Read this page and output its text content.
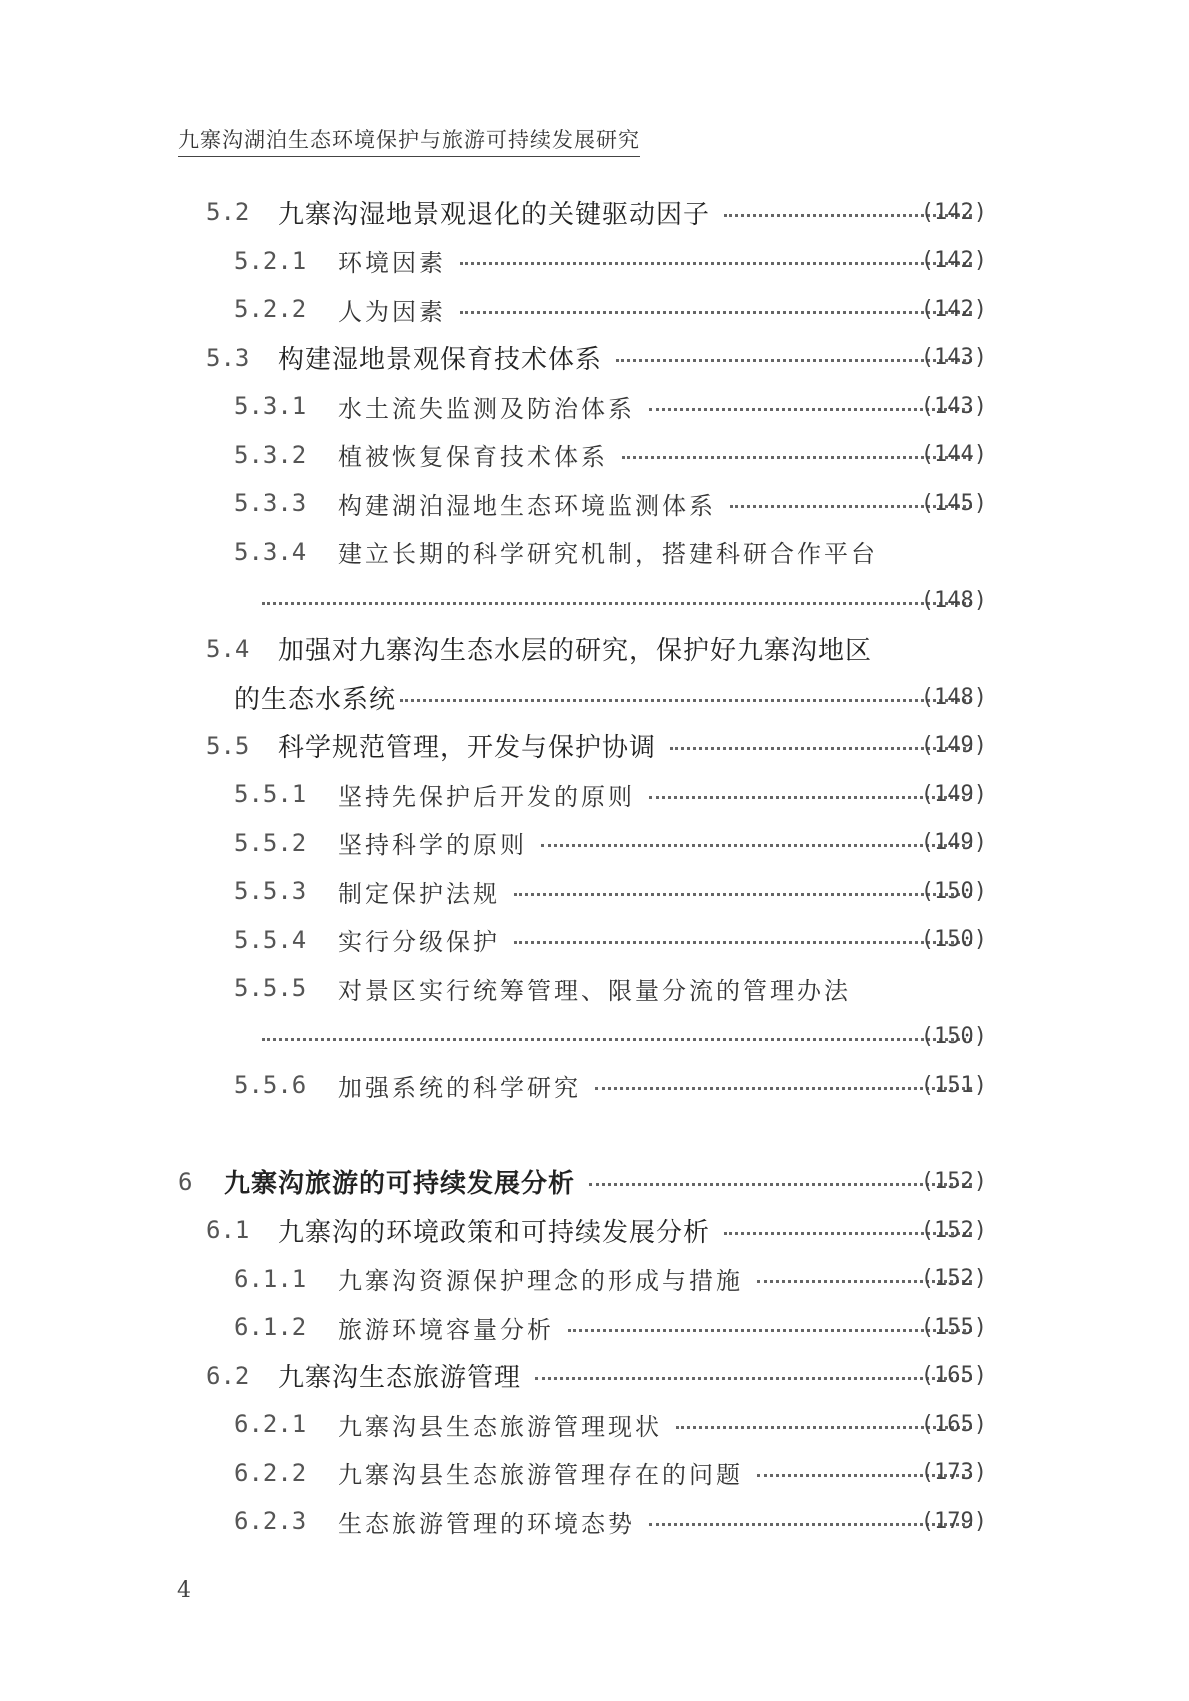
九寨沟湖泊生态环境保护与旅游可持续发展研究
5.2	九寨沟湿地景观退化的关键驱动因子	(142)
5.2.1	环境因素	(142)
5.2.2	人为因素	(142)
5.3	构建湿地景观保育技术体系	(143)
5.3.1	水土流失监测及防治体系	(143)
5.3.2	植被恢复保育技术体系	(144)
5.3.3	构建湖泊湿地生态环境监测体系	(145)
5.3.4	建立长期的科学研究机制，搭建科研合作平台
(148)
5.4	加强对九寨沟生态水层的研究，保护好九寨沟地区
的生态水系统	(148)
5.5	科学规范管理，开发与保护协调	(149)
5.5.1	坚持先保护后开发的原则	(149)
5.5.2	坚持科学的原则	(149)
5.5.3	制定保护法规	(150)
5.5.4	实行分级保护	(150)
5.5.5	对景区实行统筹管理、限量分流的管理办法
(150)
5.5.6	加强系统的科学研究	(151)
6	九寨沟旅游的可持续发展分析	(152)
6.1	九寨沟的环境政策和可持续发展分析	(152)
6.1.1	九寨沟资源保护理念的形成与措施	(152)
6.1.2	旅游环境容量分析	(155)
6.2	九寨沟生态旅游管理	(165)
6.2.1	九寨沟县生态旅游管理现状	(165)
6.2.2	九寨沟县生态旅游管理存在的问题	(173)
6.2.3	生态旅游管理的环境态势	(179)
4
